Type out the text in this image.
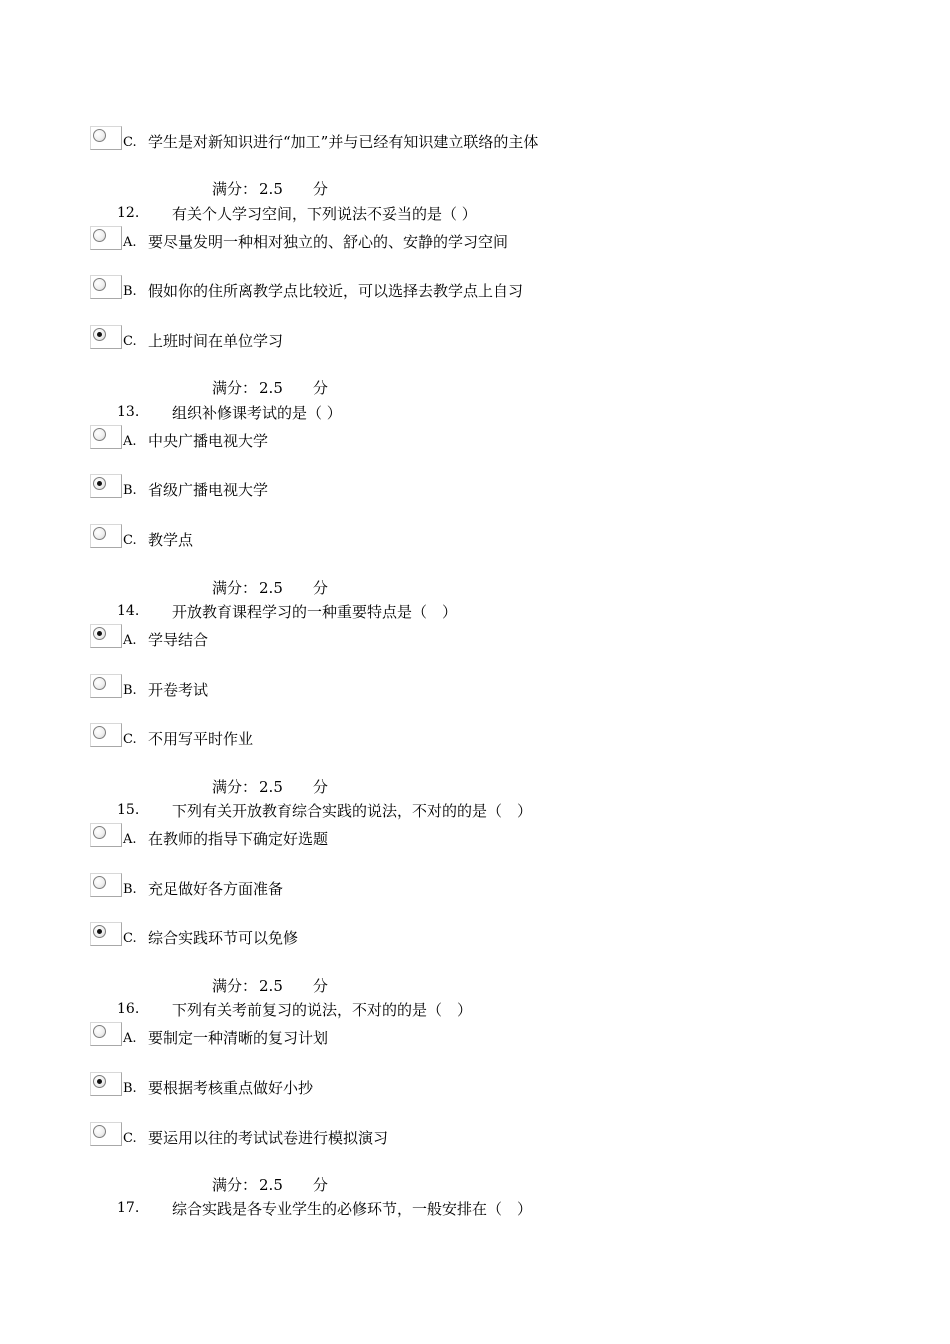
C. 学生是对新知识进行“加工”并与已经有知识建立联络的主体
满分： 2.5 分
12. 有关个人学习空间，下列说法不妥当的是（ ）
A. 要尽量发明一种相对独立的、舒心的、安静的学习空间
B. 假如你的住所离教学点比较近，可以选择去教学点上自习
C. 上班时间在单位学习
满分： 2.5 分
13. 组织补修课考试的是（ ）
A. 中央广播电视大学
B. 省级广播电视大学
C. 教学点
满分： 2.5 分
14. 开放教育课程学习的一种重要特点是（　）
A. 学导结合
B. 开卷考试
C. 不用写平时作业
满分： 2.5 分
15. 下列有关开放教育综合实践的说法，不对的的是（　）
A. 在教师的指导下确定好选题
B. 充足做好各方面准备
C. 综合实践环节可以免修
满分： 2.5 分
16. 下列有关考前复习的说法，不对的的是（　）
A. 要制定一种清晰的复习计划
B. 要根据考核重点做好小抄
C. 要运用以往的考试试卷进行模拟演习
满分： 2.5 分
17. 综合实践是各专业学生的必修环节，一般安排在（　）
